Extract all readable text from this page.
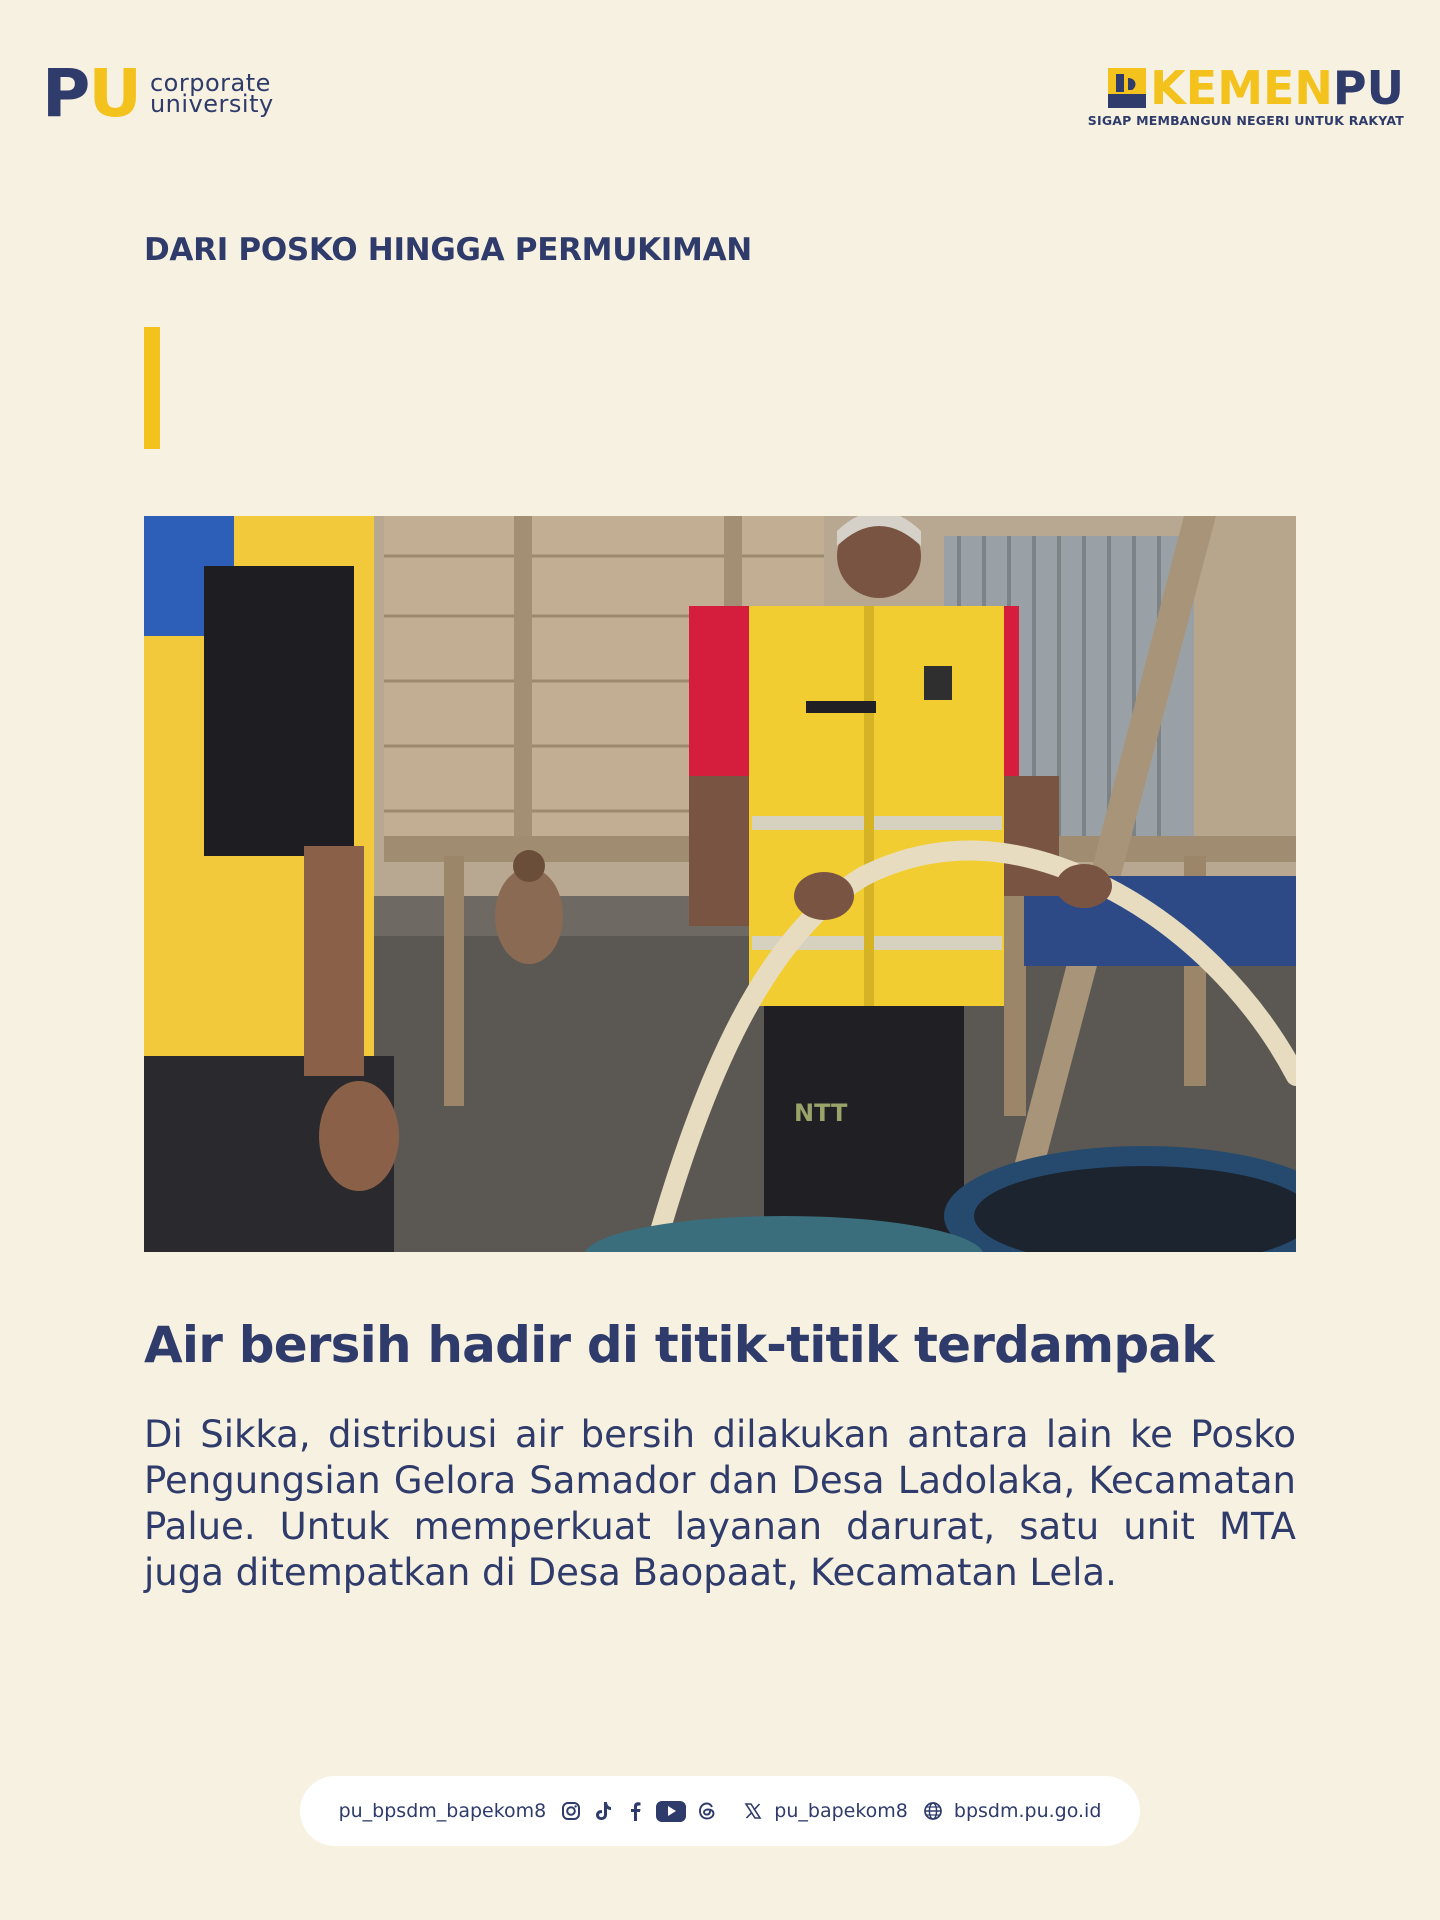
P U corporate
university	KEMENPU
SIGAP MEMBANGUN NEGERI UNTUK RAKYAT
DARI POSKO HINGGA PERMUKIMAN
NTT
Air bersih hadir di titik-titik terdampak
Di Sikka, distribusi air bersih dilakukan antara lain ke Posko Pengungsian Gelora Samador dan Desa Ladolaka, Kecamatan Palue. Untuk memperkuat layanan darurat, satu unit MTA juga ditempatkan di Desa Baopaat, Kecamatan Lela.
pu_bpsdm_bapekom8	pu_bapekom8 bpsdm.pu.go.id
